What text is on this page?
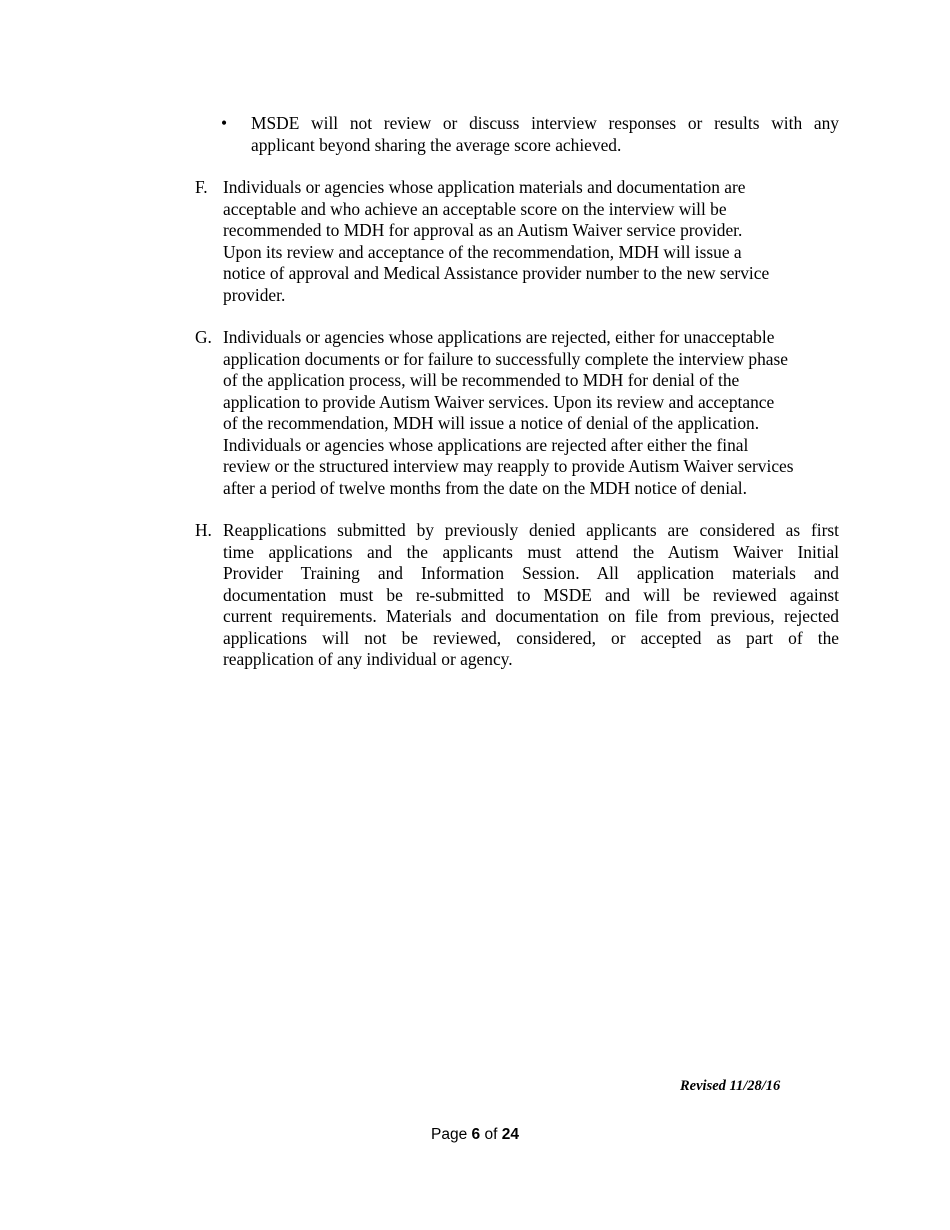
•	MSDE will not review or discuss interview responses or results with any
applicant beyond sharing the average score achieved.
F. Individuals or agencies whose application materials and documentation are
acceptable and who achieve an acceptable score on the interview will be
recommended to MDH for approval as an Autism Waiver service provider.
Upon its review and acceptance of the recommendation, MDH will issue a
notice of approval and Medical Assistance provider number to the new service
provider.
G. Individuals or agencies whose applications are rejected, either for unacceptable
application documents or for failure to successfully complete the interview phase
of the application process, will be recommended to MDH for denial of the
application to provide Autism Waiver services. Upon its review and acceptance
of the recommendation, MDH will issue a notice of denial of the application.
Individuals or agencies whose applications are rejected after either the final
review or the structured interview may reapply to provide Autism Waiver services
after a period of twelve months from the date on the MDH notice of denial.
H. Reapplications submitted by previously denied applicants are considered as first
time applications and the applicants must attend the Autism Waiver Initial
Provider Training and Information Session. All application materials and
documentation must be re-submitted to MSDE and will be reviewed against
current requirements. Materials and documentation on file from previous, rejected
applications will not be reviewed, considered, or accepted as part of the
reapplication of any individual or agency.
Revised 11/28/16
Page 6 of 24
